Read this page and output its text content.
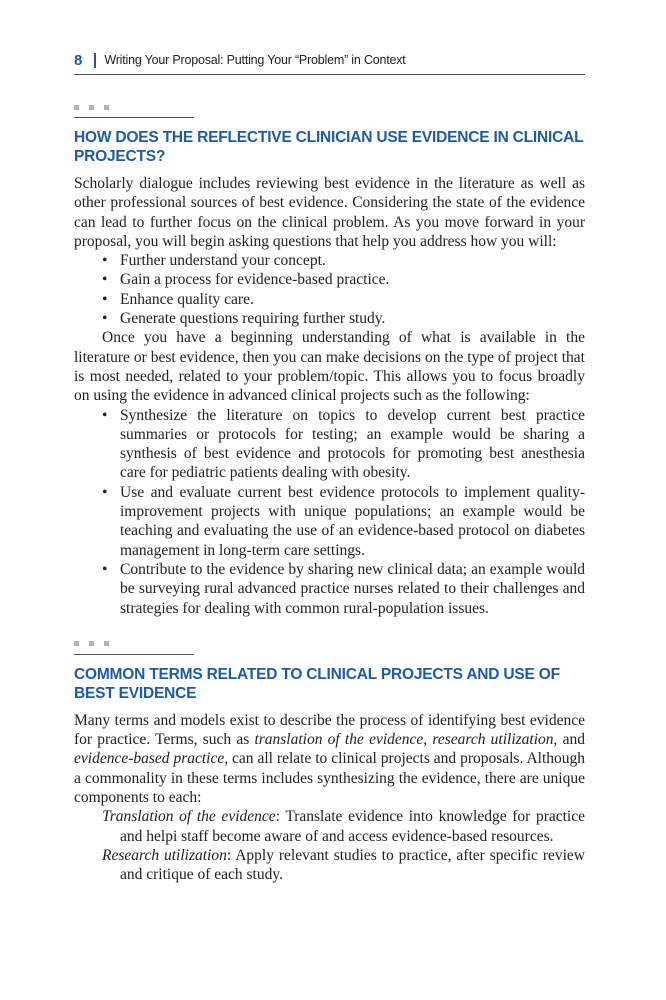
8 Writing Your Proposal: Putting Your “Problem” in Context
HOW DOES THE REFLECTIVE CLINICIAN USE EVIDENCE IN CLINICAL PROJECTS?

Scholarly dialogue includes reviewing best evidence in the literature as well as other professional sources of best evidence. Considering the state of the evidence can lead to further focus on the clinical problem. As you move forward in your proposal, you will begin asking questions that help you address how you will:

• Further understand your concept.
• Gain a process for evidence-based practice.
• Enhance quality care.
• Generate questions requiring further study.

Once you have a beginning understanding of what is available in the literature or best evidence, then you can make decisions on the type of project that is most needed, related to your problem/topic. This allows you to focus broadly on using the evidence in advanced clinical projects such as the following:

• Synthesize the literature on topics to develop current best practice summaries or protocols for testing; an example would be sharing a synthesis of best evidence and protocols for promoting best anesthesia care for pediatric patients dealing with obesity.
• Use and evaluate current best evidence protocols to implement quality-improvement projects with unique populations; an example would be teaching and evaluating the use of an evidence-based protocol on diabetes management in long-term care settings.
• Contribute to the evidence by sharing new clinical data; an example would be surveying rural advanced practice nurses related to their challenges and strategies for dealing with common rural-population issues.
COMMON TERMS RELATED TO CLINICAL PROJECTS AND USE OF BEST EVIDENCE

Many terms and models exist to describe the process of identifying best evidence for practice. Terms, such as translation of the evidence, research utilization, and evidence-based practice, can all relate to clinical projects and proposals. Although a commonality in these terms includes synthesizing the evidence, there are unique components to each:

Translation of the evidence: Translate evidence into knowledge for practice and helpi staff become aware of and access evidence-based resources.

Research utilization: Apply relevant studies to practice, after specific review and critique of each study.
